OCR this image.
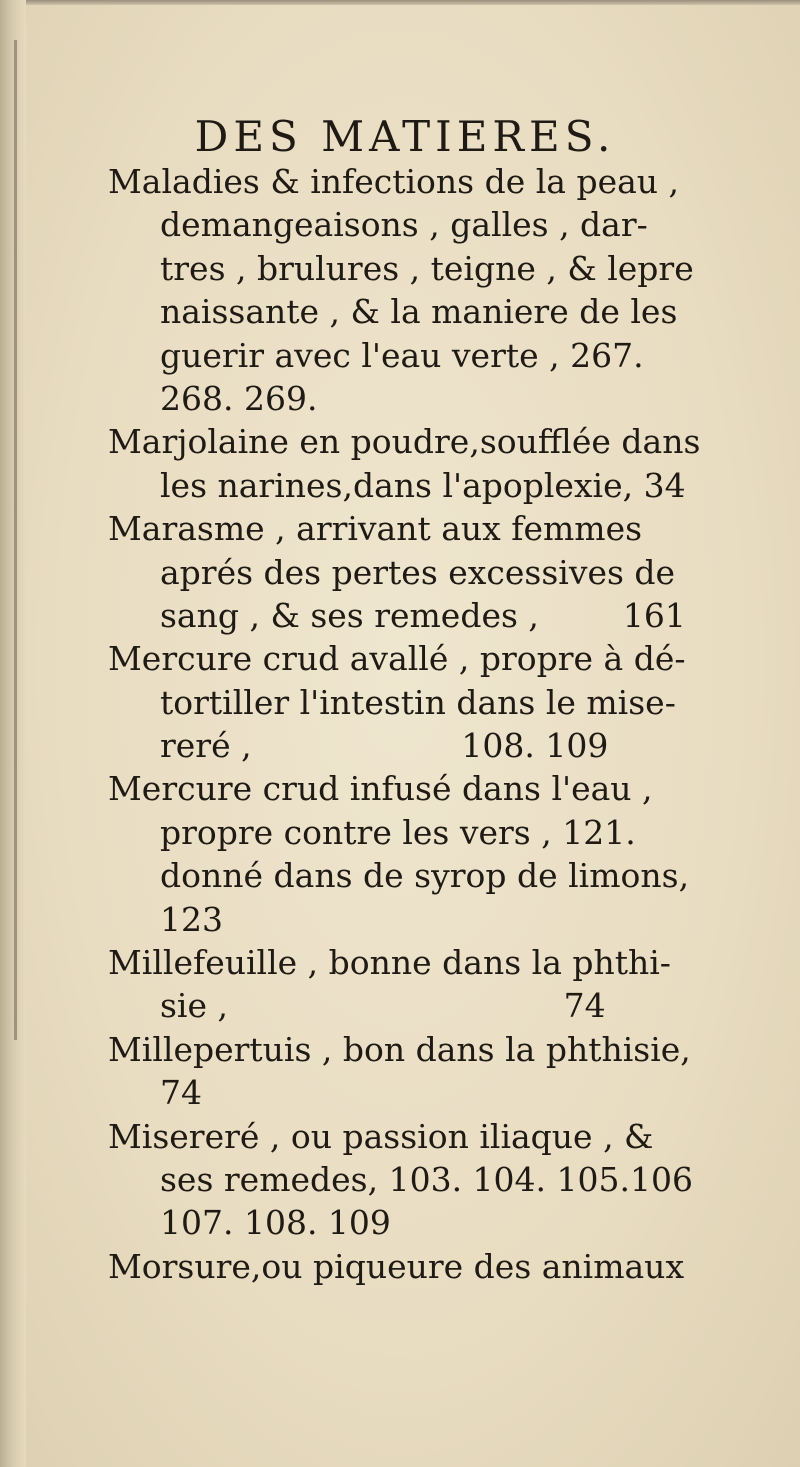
DES MATIERES.
Maladies & infections de la peau ,
demangeaisons , galles , dar-
tres , brulures , teigne , & lepre
naissante , & la maniere de les
guerir avec l'eau verte , 267.
268. 269.
Marjolaine en poudre,soufflée dans
les narines,dans l'apoplexie, 34
Marasme , arrivant aux femmes
aprés des pertes excessives de
sang , & ses remedes ,        161
Mercure crud avallé , propre à dé-
tortiller l'intestin dans le mise-
reré ,                    108. 109
Mercure crud infusé dans l'eau ,
propre contre les vers , 121.
donné dans de syrop de limons,
123
Millefeuille , bonne dans la phthi-
sie ,                                74
Millepertuis , bon dans la phthisie,
74
Misereré , ou passion iliaque , &
ses remedes, 103. 104. 105.106
107. 108. 109
Morsure,ou piqueure des animaux
